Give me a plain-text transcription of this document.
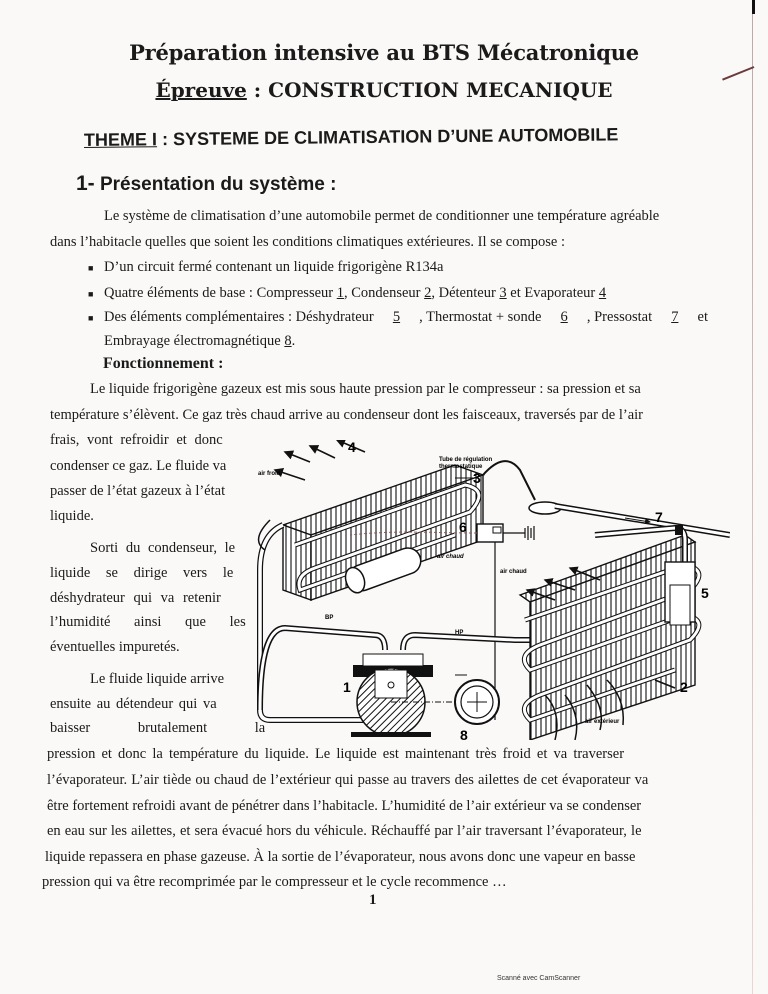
Préparation intensive au BTS Mécatronique
Épreuve : CONSTRUCTION MECANIQUE
THEME I : SYSTEME DE CLIMATISATION D’UNE AUTOMOBILE
1- Présentation du système :
Le système de climatisation d’une automobile permet de conditionner une température agréable
dans l’habitacle quelles que soient les conditions climatiques extérieures. Il se compose :
■ D’un circuit fermé contenant un liquide frigorigène R134a
■ Quatre éléments de base : Compresseur 1, Condenseur 2, Détenteur 3 et Evaporateur 4
■ Des éléments complémentaires : Déshydrateur 5 , Thermostat + sonde 6 , Pressostat 7 et
Embrayage électromagnétique 8.
Fonctionnement :
Le liquide frigorigène gazeux est mis sous haute pression par le compresseur : sa pression et sa
température s’élèvent. Ce gaz très chaud arrive au condenseur dont les faisceaux, traversés par de l’air
frais, vont refroidir et donc
condenser ce gaz. Le fluide va
passer de l’état gazeux à l’état
liquide.
Sorti du condenseur, le
liquide se dirige vers le
déshydrateur qui va retenir
l’humidité ainsi que les
éventuelles impuretés.
Le fluide liquide arrive
ensuite au détendeur qui va
baisser brutalement la
pression et donc la température du liquide. Le liquide est maintenant très froid et va traverser
l’évaporateur. L’air tiède ou chaud de l’extérieur qui passe au travers des ailettes de cet évaporateur va
être fortement refroidi avant de pénétrer dans l’habitacle. L’humidité de l’air extérieur va se condenser
en eau sur les ailettes, et sera évacué hors du véhicule. Réchauffé par l’air traversant l’évaporateur, le
liquide repassera en phase gazeuse. À la sortie de l’évaporateur, nous avons donc une vapeur en basse
pression qui va être recomprimée par le compresseur et le cycle recommence …
4
air froid
Tube de régulation
thermostatique
3
6
air chaud
air chaud
7
5
BP
HP
1	2
air extérieur
8
1
Scanné avec CamScanner
